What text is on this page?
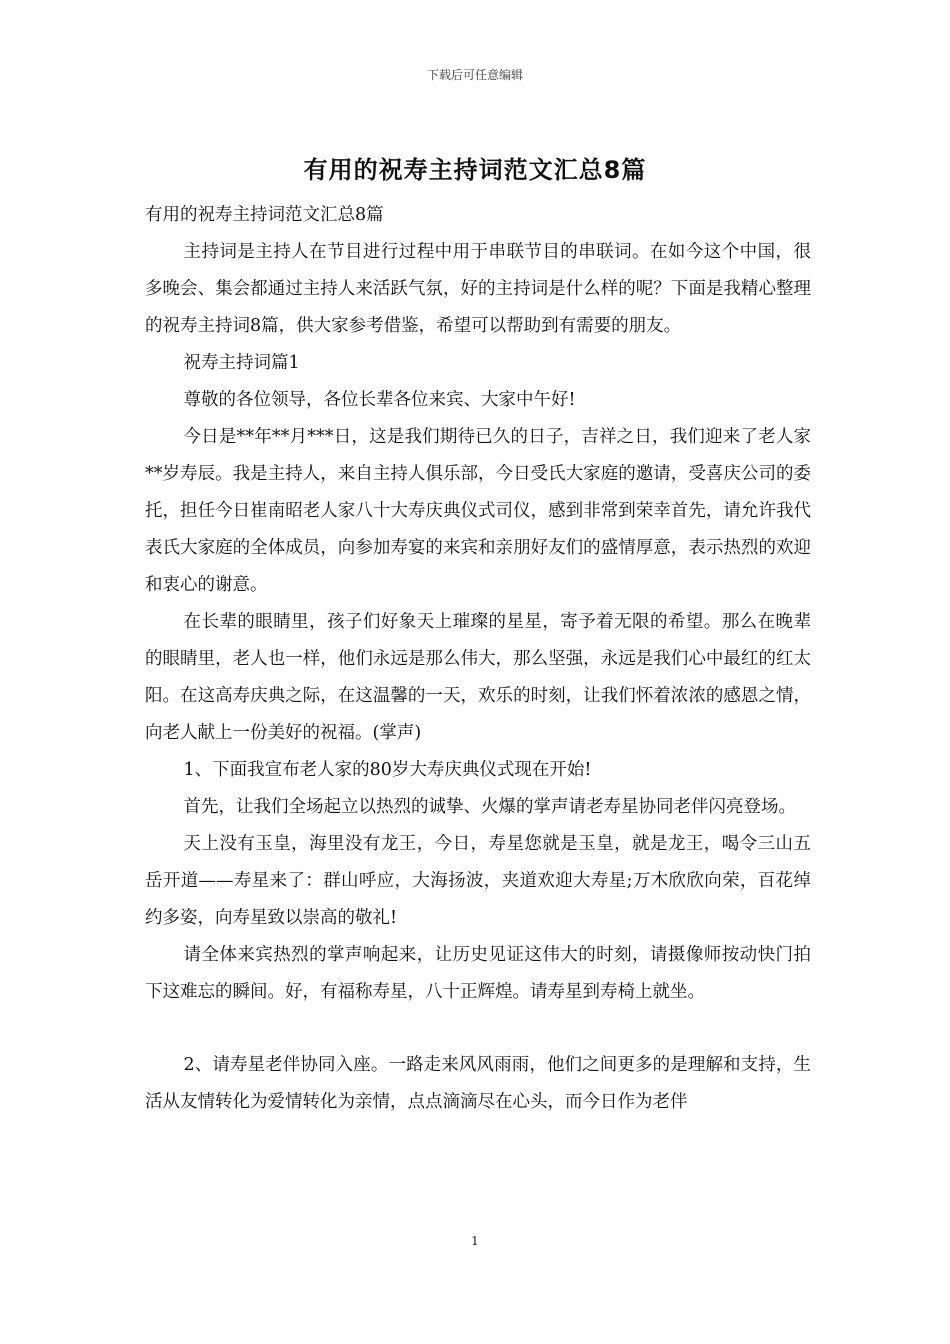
下载后可任意编辑
有用的祝寿主持词范文汇总8篇

有用的祝寿主持词范文汇总8篇

主持词是主持人在节目进行过程中用于串联节目的串联词。在如今这个中国，很多晚会、集会都通过主持人来活跃气氛，好的主持词是什么样的呢？下面是我精心整理的祝寿主持词8篇，供大家参考借鉴，希望可以帮助到有需要的朋友。

祝寿主持词篇1

尊敬的各位领导，各位长辈各位来宾、大家中午好!

今日是**年**月***日，这是我们期待已久的日子，吉祥之日，我们迎来了老人家**岁寿辰。我是主持人，来自主持人俱乐部，今日受氏大家庭的邀请，受喜庆公司的委托，担任今日崔南昭老人家八十大寿庆典仪式司仪，感到非常到荣幸首先，请允许我代表氏大家庭的全体成员，向参加寿宴的来宾和亲朋好友们的盛情厚意，表示热烈的欢迎和衷心的谢意。

在长辈的眼睛里，孩子们好象天上璀璨的星星，寄予着无限的希望。那么在晚辈的眼睛里，老人也一样，他们永远是那么伟大，那么坚强，永远是我们心中最红的红太阳。在这高寿庆典之际，在这温馨的一天，欢乐的时刻，让我们怀着浓浓的感恩之情，向老人献上一份美好的祝福。(掌声)

1、下面我宣布老人家的80岁大寿庆典仪式现在开始!

首先，让我们全场起立以热烈的诚挚、火爆的掌声请老寿星协同老伴闪亮登场。

天上没有玉皇，海里没有龙王，今日，寿星您就是玉皇，就是龙王，喝令三山五岳开道——寿星来了：群山呼应，大海扬波，夹道欢迎大寿星;万木欣欣向荣，百花绰约多姿，向寿星致以崇高的敬礼!

请全体来宾热烈的掌声响起来，让历史见证这伟大的时刻，请摄像师按动快门拍下这难忘的瞬间。好，有福称寿星，八十正辉煌。请寿星到寿椅上就坐。

2、请寿星老伴协同入座。一路走来风风雨雨，他们之间更多的是理解和支持，生活从友情转化为爱情转化为亲情，点点滴滴尽在心头，而今日作为老伴

1
